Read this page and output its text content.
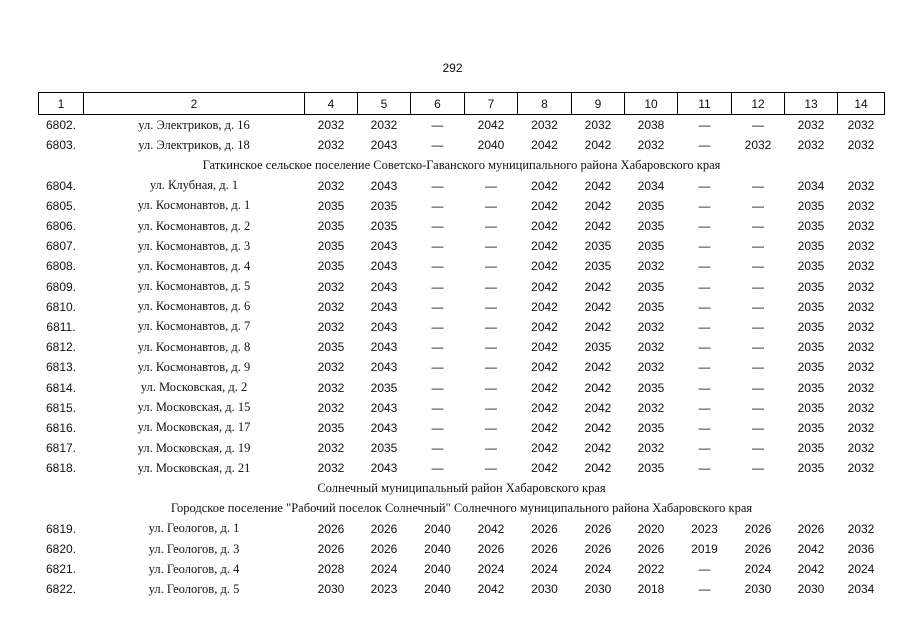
292
1	2	4	5	6	7	8	9	10	11	12	13	14
6802.	ул. Электриков, д. 16	2032	2032	—	2042	2032	2032	2038	—	—	2032	2032
6803.	ул. Электриков, д. 18	2032	2043	—	2040	2042	2042	2032	—	2032	2032	2032
Гаткинское сельское поселение Советско-Гаванского муниципального района Хабаровского края												
6804.	ул. Клубная, д. 1	2032	2043	—	—	2042	2042	2034	—	—	2034	2032
6805.	ул. Космонавтов, д. 1	2035	2035	—	—	2042	2042	2035	—	—	2035	2032
6806.	ул. Космонавтов, д. 2	2035	2035	—	—	2042	2042	2035	—	—	2035	2032
6807.	ул. Космонавтов, д. 3	2035	2043	—	—	2042	2035	2035	—	—	2035	2032
6808.	ул. Космонавтов, д. 4	2035	2043	—	—	2042	2035	2032	—	—	2035	2032
6809.	ул. Космонавтов, д. 5	2032	2043	—	—	2042	2042	2035	—	—	2035	2032
6810.	ул. Космонавтов, д. 6	2032	2043	—	—	2042	2042	2035	—	—	2035	2032
6811.	ул. Космонавтов, д. 7	2032	2043	—	—	2042	2042	2032	—	—	2035	2032
6812.	ул. Космонавтов, д. 8	2035	2043	—	—	2042	2035	2032	—	—	2035	2032
6813.	ул. Космонавтов, д. 9	2032	2043	—	—	2042	2042	2032	—	—	2035	2032
6814.	ул. Московская, д. 2	2032	2035	—	—	2042	2042	2035	—	—	2035	2032
6815.	ул. Московская, д. 15	2032	2043	—	—	2042	2042	2032	—	—	2035	2032
6816.	ул. Московская, д. 17	2035	2043	—	—	2042	2042	2035	—	—	2035	2032
6817.	ул. Московская, д. 19	2032	2035	—	—	2042	2042	2032	—	—	2035	2032
6818.	ул. Московская, д. 21	2032	2043	—	—	2042	2042	2035	—	—	2035	2032
Солнечный муниципальный район Хабаровского края												
Городское поселение "Рабочий поселок Солнечный" Солнечного муниципального района Хабаровского края												
6819.	ул. Геологов, д. 1	2026	2026	2040	2042	2026	2026	2020	2023	2026	2026	2032
6820.	ул. Геологов, д. 3	2026	2026	2040	2026	2026	2026	2026	2019	2026	2042	2036
6821.	ул. Геологов, д. 4	2028	2024	2040	2024	2024	2024	2022	—	2024	2042	2024
6822.	ул. Геологов, д. 5	2030	2023	2040	2042	2030	2030	2018	—	2030	2030	2034
